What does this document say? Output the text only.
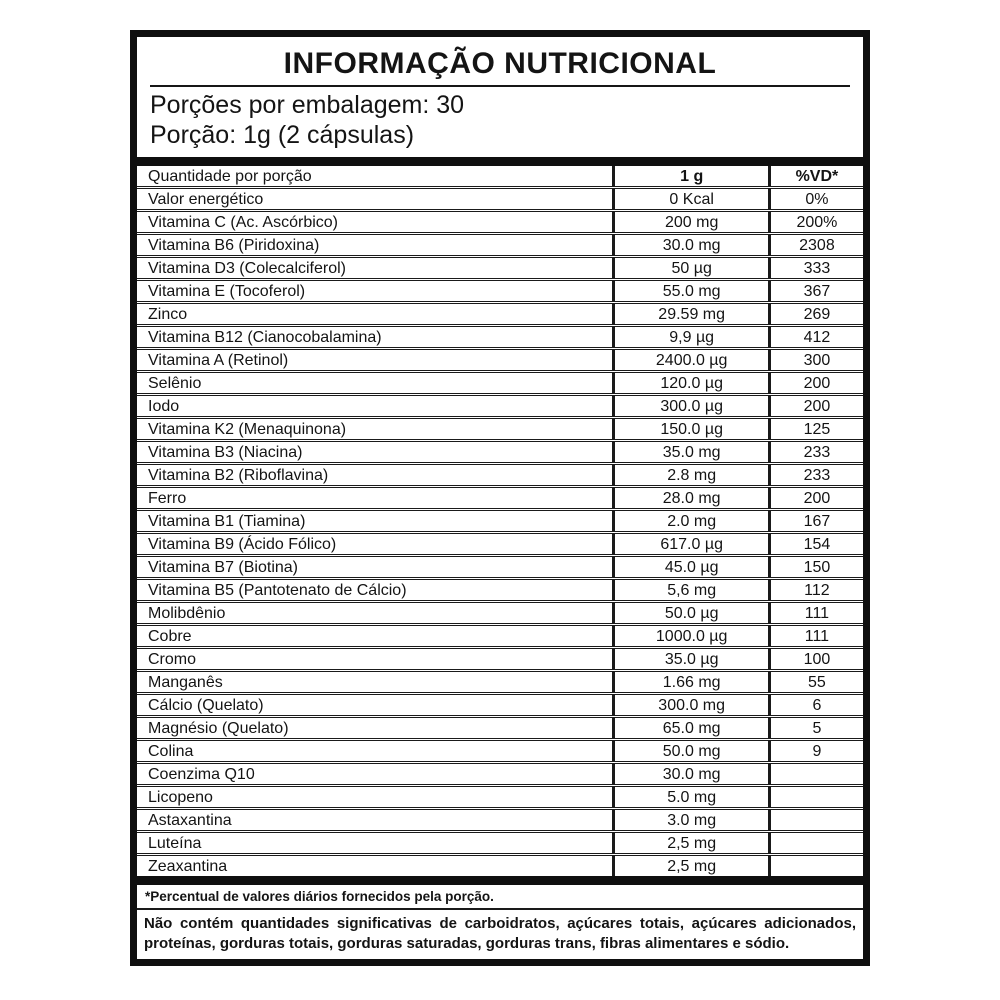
INFORMAÇÃO NUTRICIONAL
Porções por embalagem: 30
Porção: 1g (2 cápsulas)
Quantidade por porção	1 g	%VD*
Valor energético	0 Kcal	0%
Vitamina C (Ac. Ascórbico)	200 mg	200%
Vitamina B6 (Piridoxina)	30.0 mg	2308
Vitamina D3 (Colecalciferol)	50 µg	333
Vitamina E (Tocoferol)	55.0 mg	367
Zinco	29.59 mg	269
Vitamina B12 (Cianocobalamina)	9,9 µg	412
Vitamina A (Retinol)	2400.0 µg	300
Selênio	120.0 µg	200
Iodo	300.0 µg	200
Vitamina K2 (Menaquinona)	150.0 µg	125
Vitamina B3 (Niacina)	35.0 mg	233
Vitamina B2 (Riboflavina)	2.8 mg	233
Ferro	28.0 mg	200
Vitamina B1 (Tiamina)	2.0 mg	167
Vitamina B9 (Ácido Fólico)	617.0 µg	154
Vitamina B7 (Biotina)	45.0 µg	150
Vitamina B5 (Pantotenato de Cálcio)	5,6 mg	112
Molibdênio	50.0 µg	111
Cobre	1000.0 µg	111
Cromo	35.0 µg	100
Manganês	1.66 mg	55
Cálcio (Quelato)	300.0 mg	6
Magnésio (Quelato)	65.0 mg	5
Colina	50.0 mg	9
Coenzima Q10	30.0 mg	
Licopeno	5.0 mg	
Astaxantina	3.0 mg	
Luteína	2,5 mg	
Zeaxantina	2,5 mg	
*Percentual de valores diários fornecidos pela porção.
Não contém quantidades significativas de carboidratos, açúcares totais, açúcares adicionados, proteínas, gorduras totais, gorduras saturadas, gorduras trans, fibras alimentares e sódio.
